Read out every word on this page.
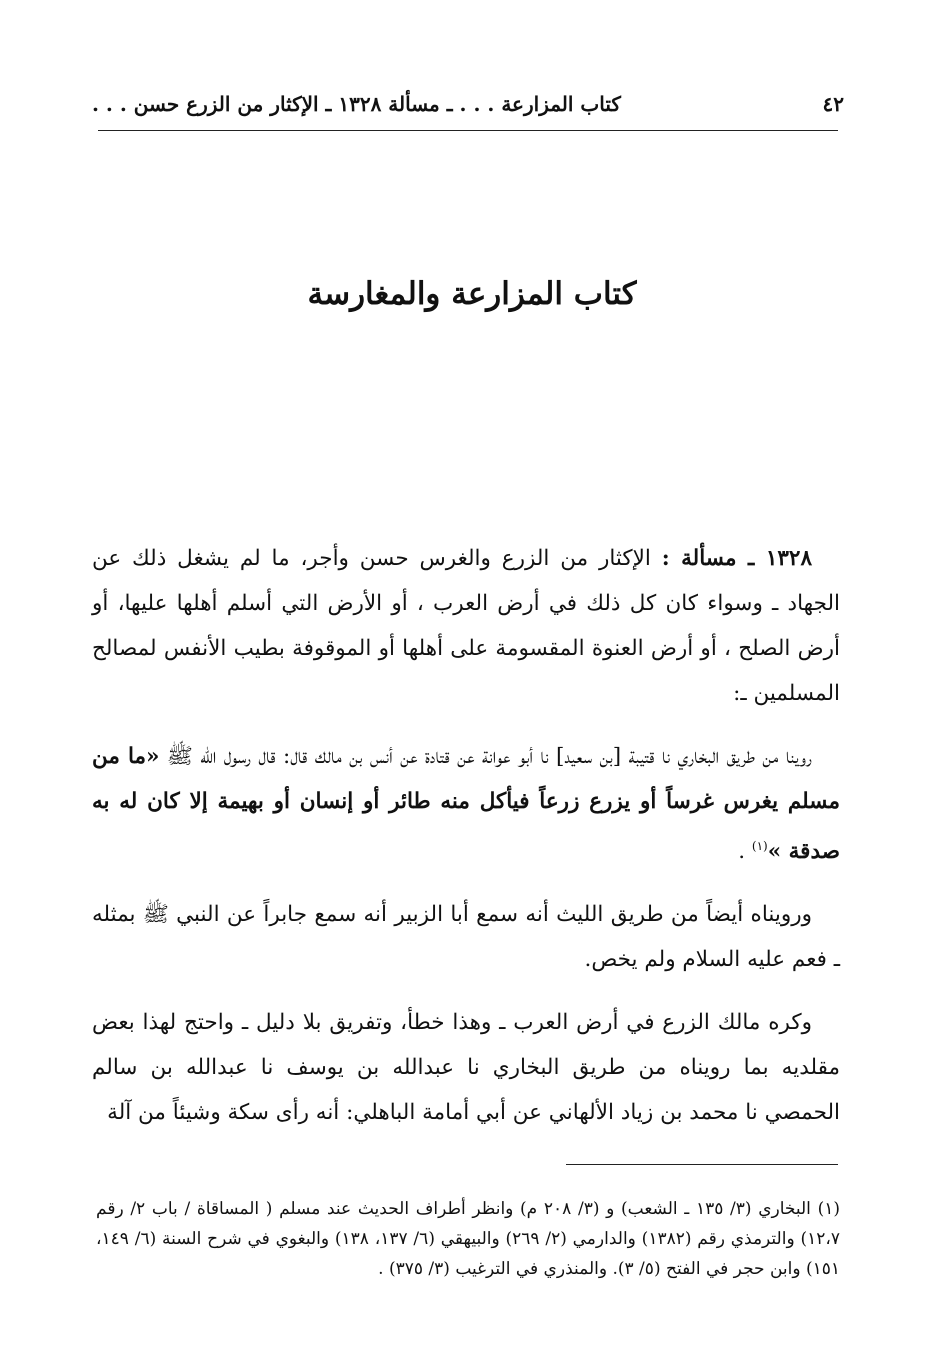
٤٢
كتاب المزارعة . . . ـ مسألة ١٣٢٨ ـ الإكثار من الزرع حسن . . .
كتاب المزارعة والمغارسة

١٣٢٨ ـ مسألة : الإكثار من الزرع والغرس حسن وأجر، ما لم يشغل ذلك عن الجهاد ـ وسواء كان كل ذلك في أرض العرب ، أو الأرض التي أسلم أهلها عليها، أو أرض الصلح ، أو أرض العنوة المقسومة على أهلها أو الموقوفة بطيب الأنفس لمصالح المسلمين ـ:

روينا من طريق البخاري نا قتيبة [بن سعيد] نا أبو عوانة عن قتادة عن أنس بن مالك قال: قال رسول الله ﷺ «ما من مسلم يغرس غرساً أو يزرع زرعاً فيأكل منه طائر أو إنسان أو بهيمة إلا كان له به صدقة »$^{(١)}$ .

ورويناه أيضاً من طريق الليث أنه سمع أبا الزبير أنه سمع جابراً عن النبي ﷺ بمثله ـ فعم عليه السلام ولم يخص.

وكره مالك الزرع في أرض العرب ـ وهذا خطأ، وتفريق بلا دليل ـ واحتج لهذا بعض مقلديه بما رويناه من طريق البخاري نا عبدالله بن يوسف نا عبدالله بن سالم الحمصي نا محمد بن زياد الألهاني عن أبي أمامة الباهلي: أنه رأى سكة وشيئاً من آلة

(١) البخاري (٣/ ١٣٥ ـ الشعب) و (٣/ ٢٠٨ م) وانظر أطراف الحديث عند مسلم ( المساقاة / باب ٢/ رقم ١٢،٧) والترمذي رقم (١٣٨٢) والدارمي (٢/ ٢٦٩) والبيهقي (٦/ ١٣٧، ١٣٨) والبغوي في شرح السنة (٦/ ١٤٩، ١٥١) وابن حجر في الفتح (٥/ ٣). والمنذري في الترغيب (٣/ ٣٧٥) .
